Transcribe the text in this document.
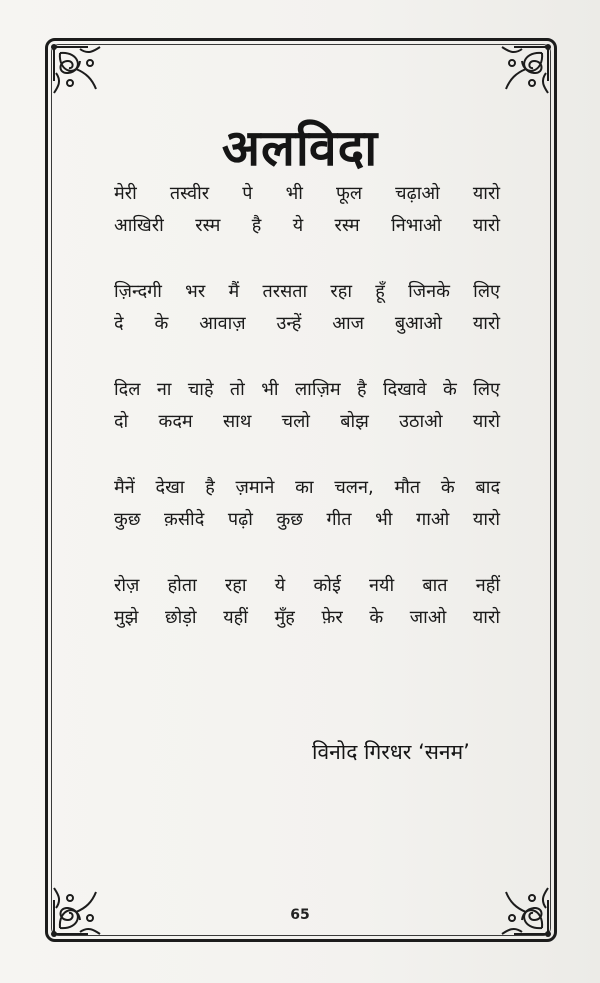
अलविदा
मेरी तस्वीर पे भी फूल चढ़ाओ यारो
आखिरी रस्म है ये रस्म निभाओ यारो
ज़िन्दगी भर मैं तरसता रहा हूँ जिनके लिए
दे के आवाज़ उन्हें आज बुआओ यारो
दिल ना चाहे तो भी लाज़िम है दिखावे के लिए
दो कदम साथ चलो बोझ उठाओ यारो
मैनें देखा है ज़माने का चलन, मौत के बाद
कुछ क़सीदे पढ़ो कुछ गीत भी गाओ यारो
रोज़ होता रहा ये कोई नयी बात नहीं
मुझे छोड़ो यहीं मुँह फ़ेर के जाओ यारो
विनोद गिरधर ‘सनम’
65
